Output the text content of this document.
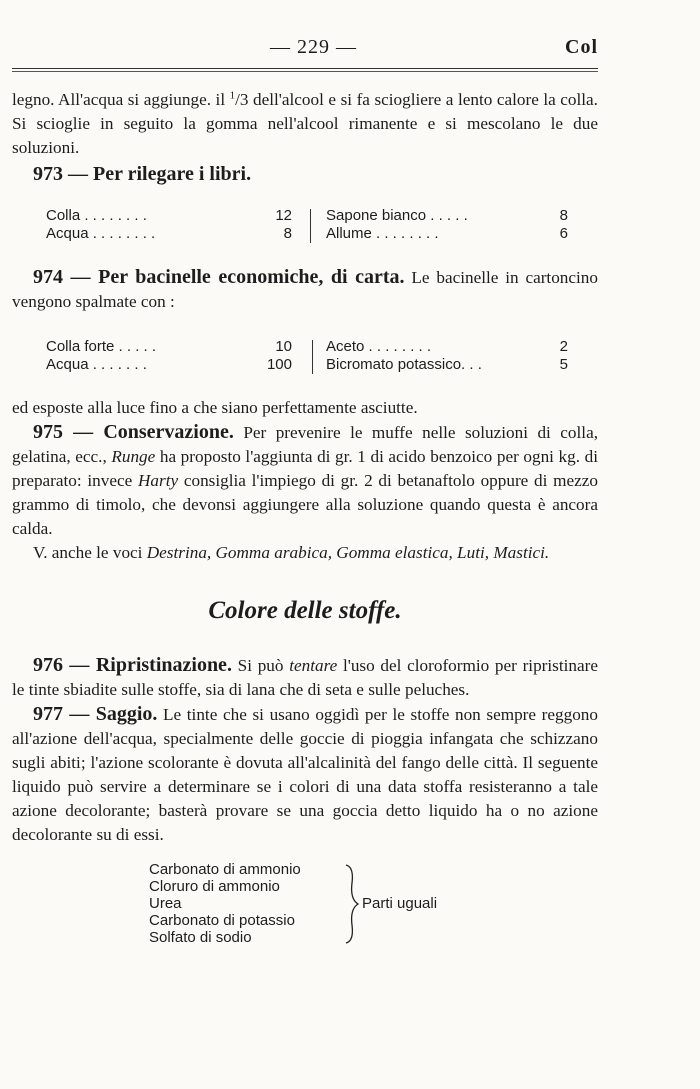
— 229 —	Col

legno. All'acqua si aggiunge. il $^1$/3 dell'alcool e si fa sciogliere a lento calore la colla. Si scioglie in seguito la gomma nell'alcool rimanente e si mescolano le due soluzioni.

973 — Per rilegare i libri.

Colla . . . . . . . .	12
Acqua . . . . . . . .	8
Sapone bianco . . . . .	8
Allume . . . . . . . .	6

974 — Per bacinelle economiche, di carta. Le bacinelle in cartoncino vengono spalmate con :

Colla forte . . . . .	10
Acqua . . . . . . .	100
Aceto . . . . . . . .	2
Bicromato potassico. . .	5

ed esposte alla luce fino a che siano perfettamente asciutte.

975 — Conservazione. Per prevenire le muffe nelle soluzioni di colla, gelatina, ecc., Runge ha proposto l'aggiunta di gr. 1 di acido benzoico per ogni kg. di preparato: invece Harty consiglia l'impiego di gr. 2 di betanaftolo oppure di mezzo grammo di timolo, che devonsi aggiungere alla soluzione quando questa è ancora calda.

V. anche le voci Destrina, Gomma arabica, Gomma elastica, Luti, Mastici.

Colore delle stoffe.

976 — Ripristinazione. Si può tentare l'uso del cloroformio per ripristinare le tinte sbiadite sulle stoffe, sia di lana che di seta e sulle peluches.

977 — Saggio. Le tinte che si usano oggidì per le stoffe non sempre reggono all'azione dell'acqua, specialmente delle goccie di pioggia infangata che schizzano sugli abiti; l'azione scolorante è dovuta all'alcalinità del fango delle città. Il seguente liquido può servire a determinare se i colori di una data stoffa resisteranno a tale azione decolorante; basterà provare se una goccia detto liquido ha o no azione decolorante su di essi.

Carbonato di ammonio
Cloruro di ammonio
Urea
Carbonato di potassio
Solfato di sodio
Parti uguali
